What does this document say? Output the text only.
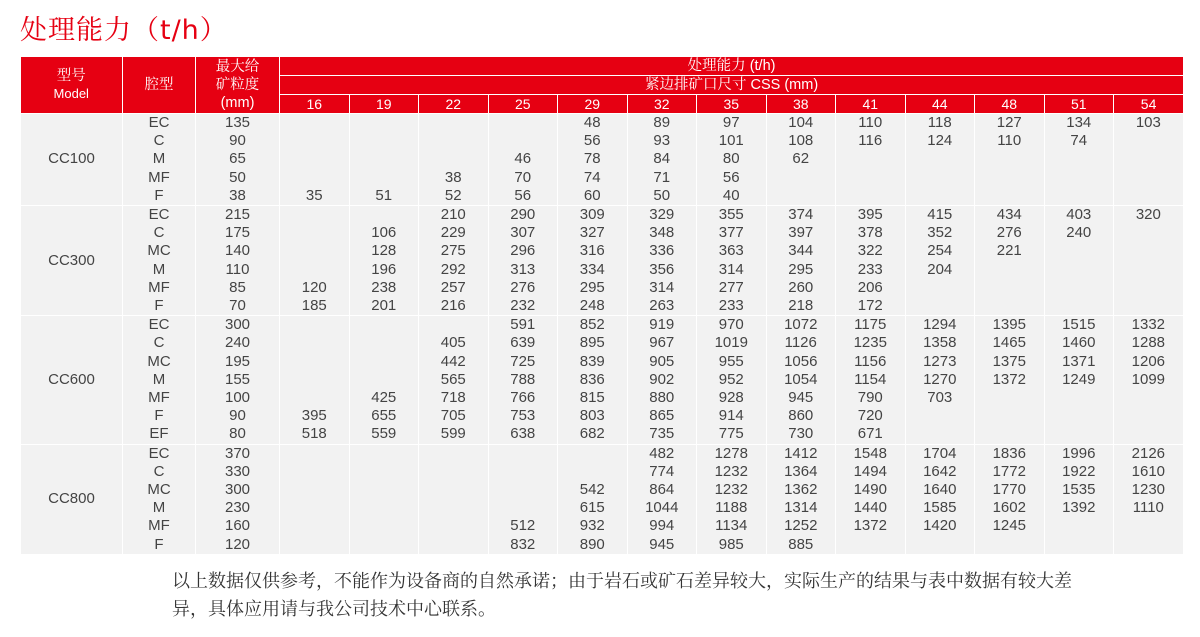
处理能力（t/h）
型号
Model	腔型	最大给
矿粒度
(mm)	处理能力 (t/h)												
			紧边排矿口尺寸 CSS (mm)												
			16	19	22	25	29	32	35	38	41	44	48	51	54
CC100	EC	135					48	89	97	104	110	118	127	134	103
	C	90					56	93	101	108	116	124	110	74	
	M	65				46	78	84	80	62					
	MF	50			38	70	74	71	56						
	F	38	35	51	52	56	60	50	40						
CC300	EC	215			210	290	309	329	355	374	395	415	434	403	320
	C	175		106	229	307	327	348	377	397	378	352	276	240	
	MC	140		128	275	296	316	336	363	344	322	254	221		
	M	110		196	292	313	334	356	314	295	233	204			
	MF	85	120	238	257	276	295	314	277	260	206				
	F	70	185	201	216	232	248	263	233	218	172				
CC600	EC	300				591	852	919	970	1072	1175	1294	1395	1515	1332
	C	240			405	639	895	967	1019	1126	1235	1358	1465	1460	1288
	MC	195			442	725	839	905	955	1056	1156	1273	1375	1371	1206
	M	155			565	788	836	902	952	1054	1154	1270	1372	1249	1099
	MF	100		425	718	766	815	880	928	945	790	703			
	F	90	395	655	705	753	803	865	914	860	720				
	EF	80	518	559	599	638	682	735	775	730	671				
CC800	EC	370						482	1278	1412	1548	1704	1836	1996	2126
	C	330						774	1232	1364	1494	1642	1772	1922	1610
	MC	300					542	864	1232	1362	1490	1640	1770	1535	1230
	M	230					615	1044	1188	1314	1440	1585	1602	1392	1110
	MF	160				512	932	994	1134	1252	1372	1420	1245		
	F	120				832	890	945	985	885					

以上数据仅供参考，不能作为设备商的自然承诺；由于岩石或矿石差异较大，实际生产的结果与表中数据有较大差异，具体应用请与我公司技术中心联系。
